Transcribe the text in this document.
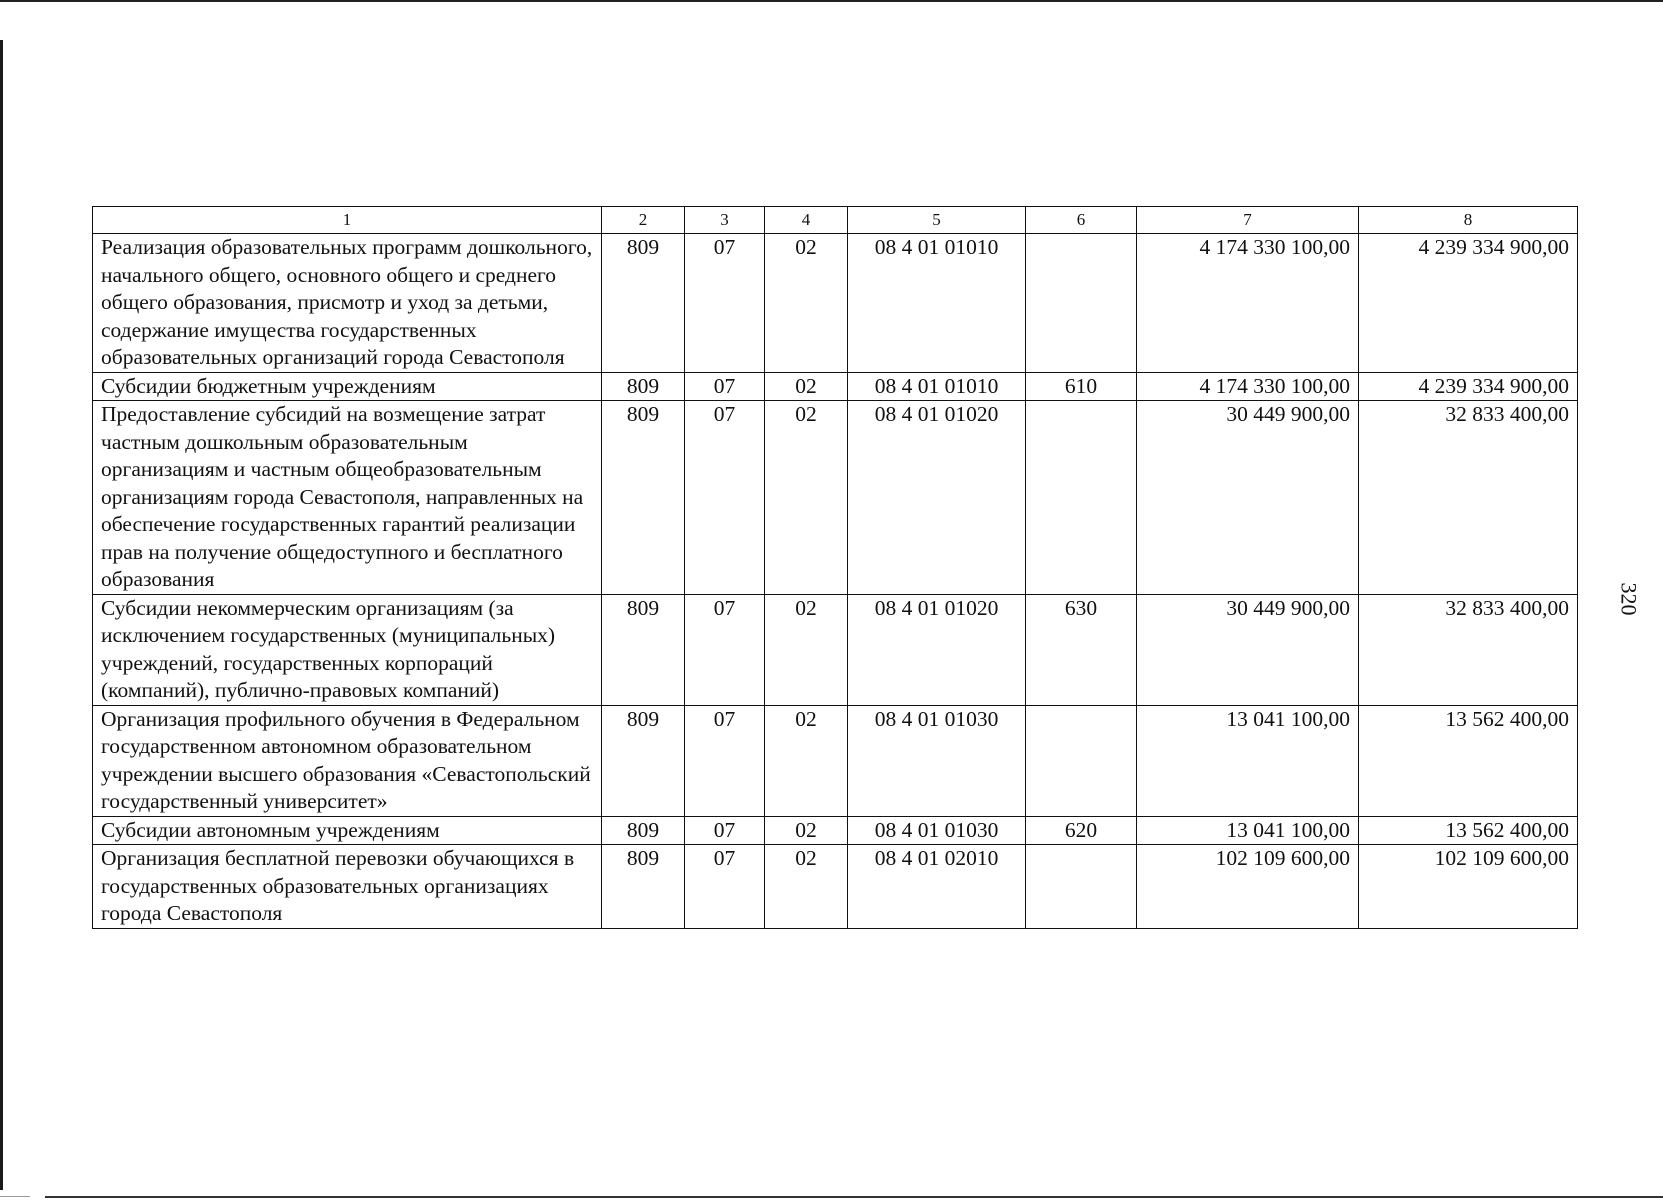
320
1	2	3	4	5	6	7	8
Реализация образовательных программ дошкольного, начального общего, основного общего и среднего общего образования, присмотр и уход за детьми, содержание имущества государственных образовательных организаций города Севастополя	809	07	02	08 4 01 01010		4 174 330 100,00	4 239 334 900,00
Субсидии бюджетным учреждениям	809	07	02	08 4 01 01010	610	4 174 330 100,00	4 239 334 900,00
Предоставление субсидий на возмещение затрат частным дошкольным образовательным организациям и частным общеобразовательным организациям города Севастополя, направленных на обеспечение государственных гарантий реализации прав на получение общедоступного и бесплатного образования	809	07	02	08 4 01 01020		30 449 900,00	32 833 400,00
Субсидии некоммерческим организациям (за исключением государственных (муниципальных) учреждений, государственных корпораций (компаний), публично-правовых компаний)	809	07	02	08 4 01 01020	630	30 449 900,00	32 833 400,00
Организация профильного обучения в Федеральном государственном автономном образовательном учреждении высшего образования «Севастопольский государственный университет»	809	07	02	08 4 01 01030		13 041 100,00	13 562 400,00
Субсидии автономным учреждениям	809	07	02	08 4 01 01030	620	13 041 100,00	13 562 400,00
Организация бесплатной перевозки обучающихся в государственных образовательных организациях города Севастополя	809	07	02	08 4 01 02010		102 109 600,00	102 109 600,00
